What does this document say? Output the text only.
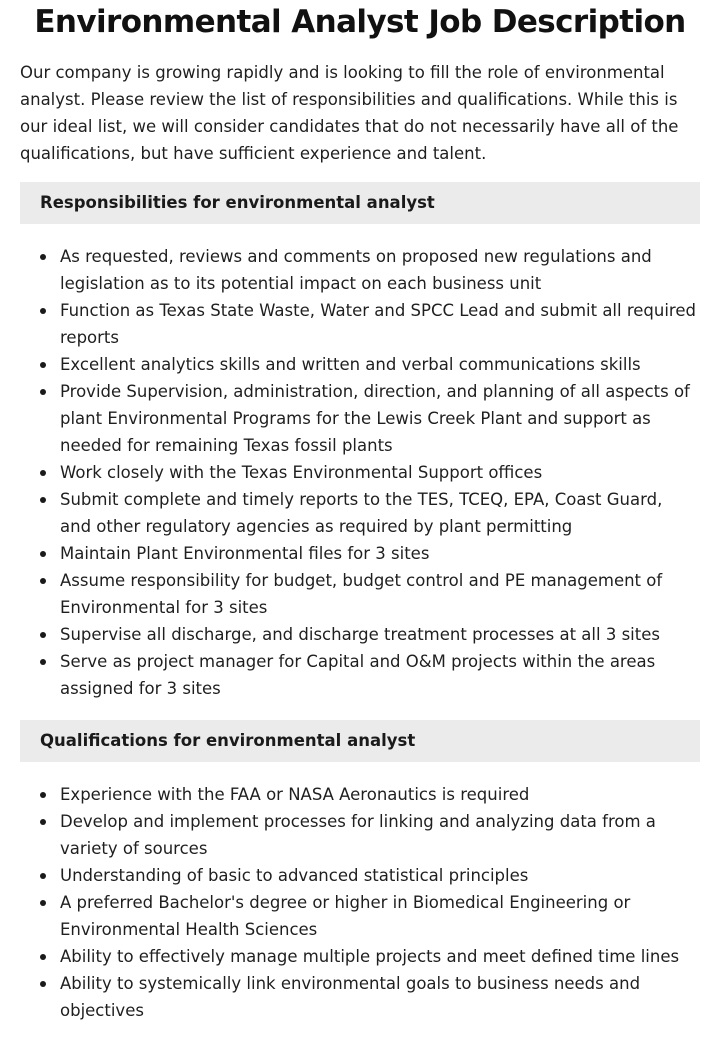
Environmental Analyst Job Description

Our company is growing rapidly and is looking to fill the role of environmental analyst. Please review the list of responsibilities and qualifications. While this is our ideal list, we will consider candidates that do not necessarily have all of the qualifications, but have sufficient experience and talent.

Responsibilities for environmental analyst
As requested, reviews and comments on proposed new regulations and legislation as to its potential impact on each business unit
Function as Texas State Waste, Water and SPCC Lead and submit all required reports
Excellent analytics skills and written and verbal communications skills
Provide Supervision, administration, direction, and planning of all aspects of plant Environmental Programs for the Lewis Creek Plant and support as needed for remaining Texas fossil plants
Work closely with the Texas Environmental Support offices
Submit complete and timely reports to the TES, TCEQ, EPA, Coast Guard, and other regulatory agencies as required by plant permitting
Maintain Plant Environmental files for 3 sites
Assume responsibility for budget, budget control and PE management of Environmental for 3 sites
Supervise all discharge, and discharge treatment processes at all 3 sites
Serve as project manager for Capital and O&M projects within the areas assigned for 3 sites
Qualifications for environmental analyst
Experience with the FAA or NASA Aeronautics is required
Develop and implement processes for linking and analyzing data from a variety of sources
Understanding of basic to advanced statistical principles
A preferred Bachelor's degree or higher in Biomedical Engineering or Environmental Health Sciences
Ability to effectively manage multiple projects and meet defined time lines
Ability to systemically link environmental goals to business needs and objectives
